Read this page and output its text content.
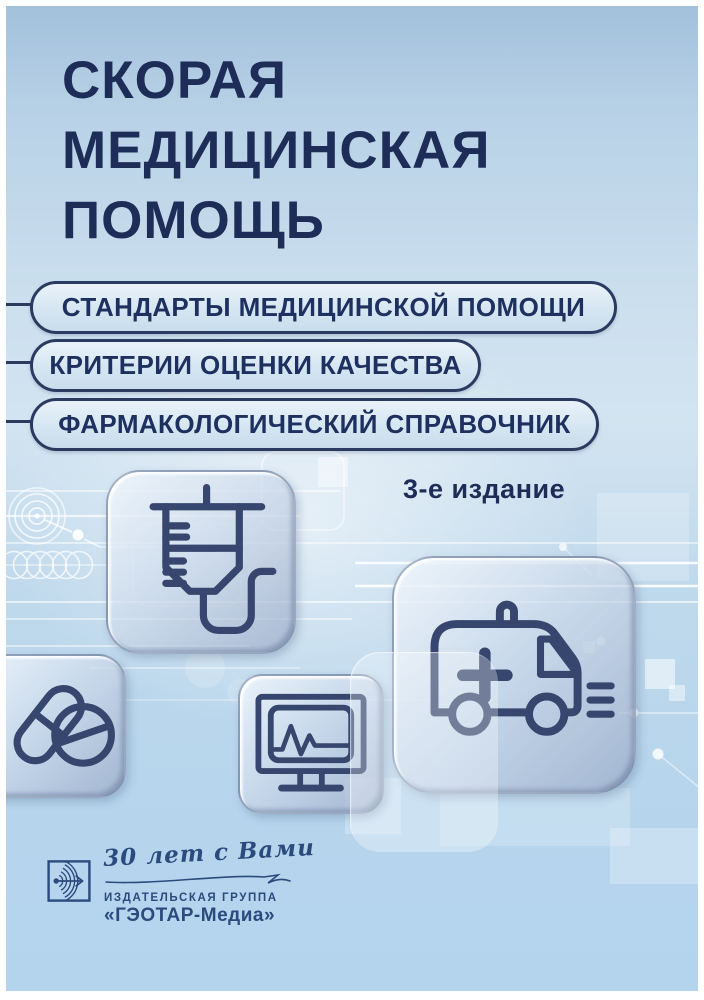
СКОРАЯ
МЕДИЦИНСКАЯ
ПОМОЩЬ
СТАНДАРТЫ МЕДИЦИНСКОЙ ПОМОЩИ
КРИТЕРИИ ОЦЕНКИ КАЧЕСТВА
ФАРМАКОЛОГИЧЕСКИЙ СПРАВОЧНИК
3-е издание
30 лет с Вами
ИЗДАТЕЛЬСКАЯ ГРУППА
«ГЭОТАР-Медиа»
